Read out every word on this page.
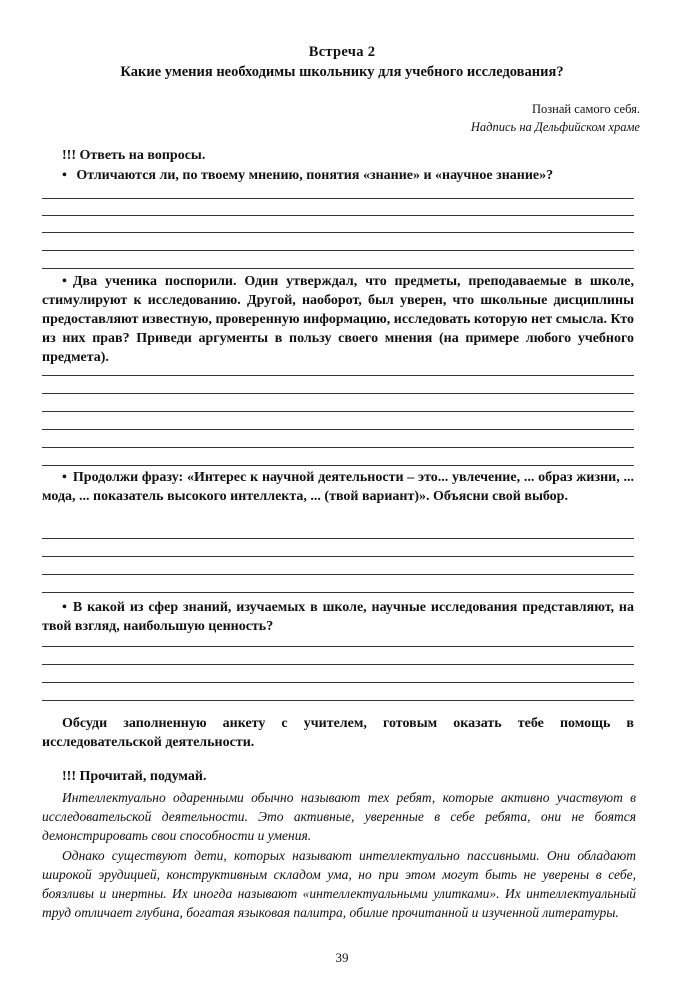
Встреча 2
Какие умения необходимы школьнику для учебного исследования?
Познай самого себя.
Надпись на Дельфийском храме
!!! Ответь на вопросы.
• Отличаются ли, по твоему мнению, понятия «знание» и «научное знание»?
• Два ученика поспорили. Один утверждал, что предметы, преподаваемые в школе, стимулируют к исследованию. Другой, наоборот, был уверен, что школьные дисциплины предоставляют известную, проверенную информацию, исследовать которую нет смысла. Кто из них прав? Приведи аргументы в пользу своего мнения (на примере любого учебного предмета).
• Продолжи фразу: «Интерес к научной деятельности – это... увлечение, ... образ жизни, ... мода, ... показатель высокого интеллекта, ... (твой вариант)». Объясни свой выбор.
• В какой из сфер знаний, изучаемых в школе, научные исследования представляют, на твой взгляд, наибольшую ценность?
Обсуди заполненную анкету с учителем, готовым оказать тебе помощь в исследовательской деятельности.
!!! Прочитай, подумай.
Интеллектуально одаренными обычно называют тех ребят, которые активно участвуют в исследовательской деятельности. Это активные, уверенные в себе ребята, они не боятся демонстрировать свои способности и умения.
Однако существуют дети, которых называют интеллектуально пассивными. Они обладают широкой эрудицией, конструктивным складом ума, но при этом могут быть не уверены в себе, боязливы и инертны. Их иногда называют «интеллектуальными улитками». Их интеллектуальный труд отличает глубина, богатая языковая палитра, обилие прочитанной и изученной литературы.
39
